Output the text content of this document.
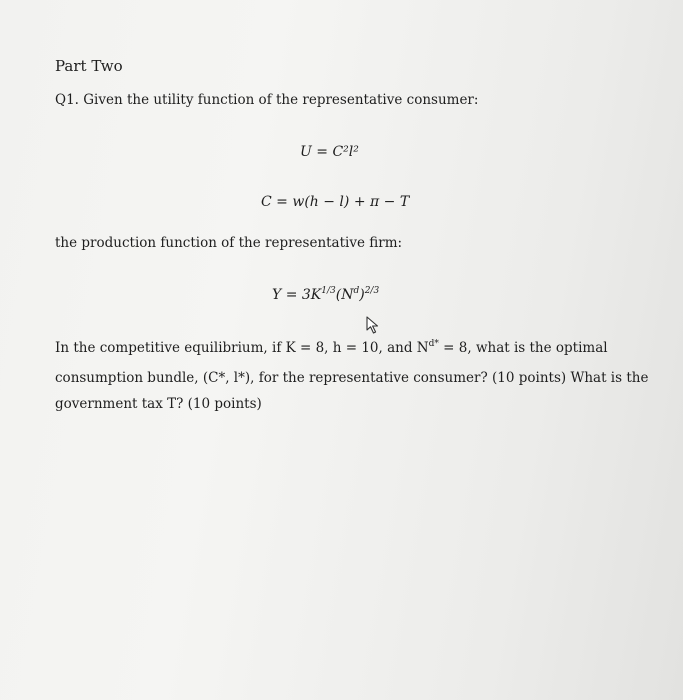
Part Two
Q1. Given the utility function of the representative consumer:
U = C²l²
C = w(h − l) + π − T
the production function of the representative firm:
$Y = 3K^{1/3}(N^d)^{2/3}$
In the competitive equilibrium, if K = 8, h = 10, and $N^{d*} = 8$, what is the optimal
consumption bundle, (C*, l*), for the representative consumer? (10 points) What is the
government tax T? (10 points)
